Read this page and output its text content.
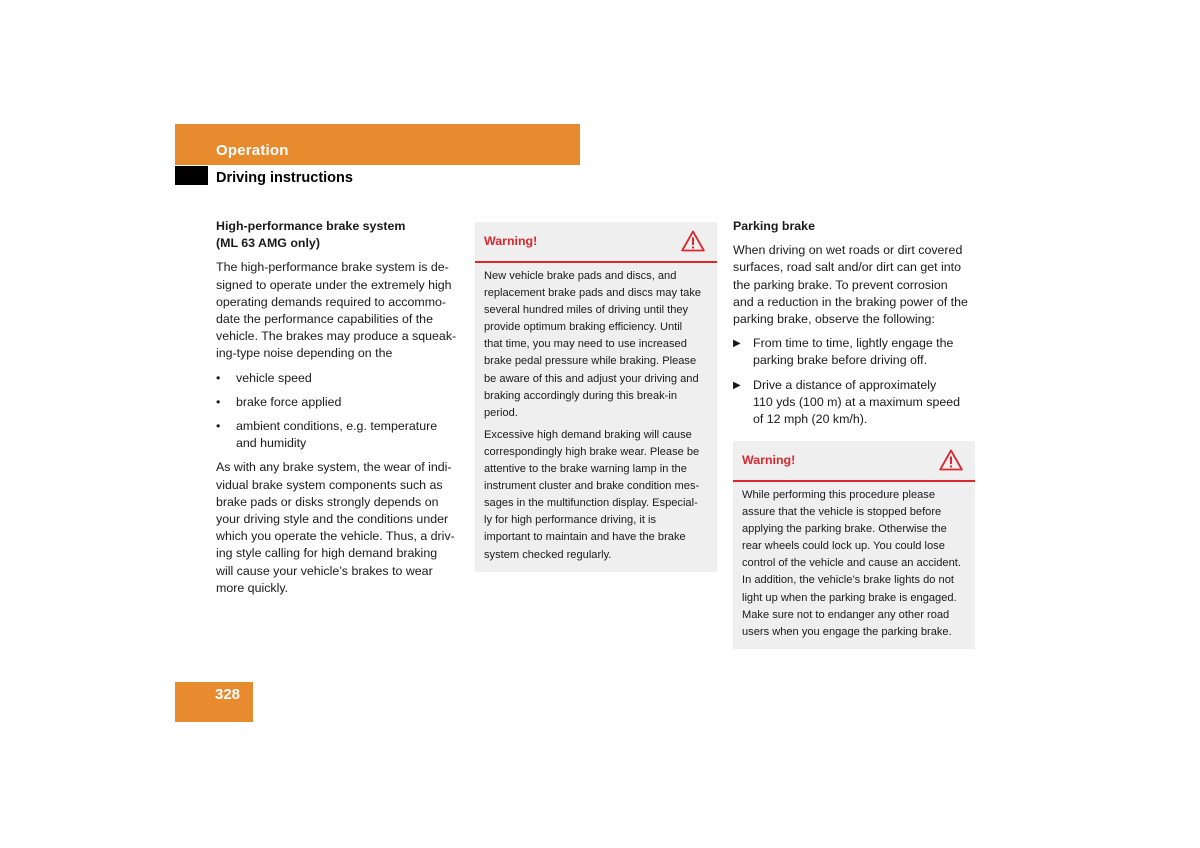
Operation
Driving instructions
High-performance brake system
(ML 63 AMG only)

The high-performance brake system is de-
signed to operate under the extremely high
operating demands required to accommo-
date the performance capabilities of the
vehicle. The brakes may produce a squeak-
ing-type noise depending on the

• vehicle speed
• brake force applied
• ambient conditions, e.g. temperature
and humidity

As with any brake system, the wear of indi-
vidual brake system components such as
brake pads or disks strongly depends on
your driving style and the conditions under
which you operate the vehicle. Thus, a driv-
ing style calling for high demand braking
will cause your vehicle’s brakes to wear
more quickly.

Warning!

New vehicle brake pads and discs, and
replacement brake pads and discs may take
several hundred miles of driving until they
provide optimum braking efficiency. Until
that time, you may need to use increased
brake pedal pressure while braking. Please
be aware of this and adjust your driving and
braking accordingly during this break-in
period.

Excessive high demand braking will cause
correspondingly high brake wear. Please be
attentive to the brake warning lamp in the
instrument cluster and brake condition mes-
sages in the multifunction display. Especial-
ly for high performance driving, it is
important to maintain and have the brake
system checked regularly.

Parking brake

When driving on wet roads or dirt covered
surfaces, road salt and/or dirt can get into
the parking brake. To prevent corrosion
and a reduction in the braking power of the
parking brake, observe the following:

▶ From time to time, lightly engage the
parking brake before driving off.
▶ Drive a distance of approximately
110 yds (100 m) at a maximum speed
of 12 mph (20 km/h).
Warning!

While performing this procedure please
assure that the vehicle is stopped before
applying the parking brake. Otherwise the
rear wheels could lock up. You could lose
control of the vehicle and cause an accident.
In addition, the vehicle’s brake lights do not
light up when the parking brake is engaged.
Make sure not to endanger any other road
users when you engage the parking brake.

328
